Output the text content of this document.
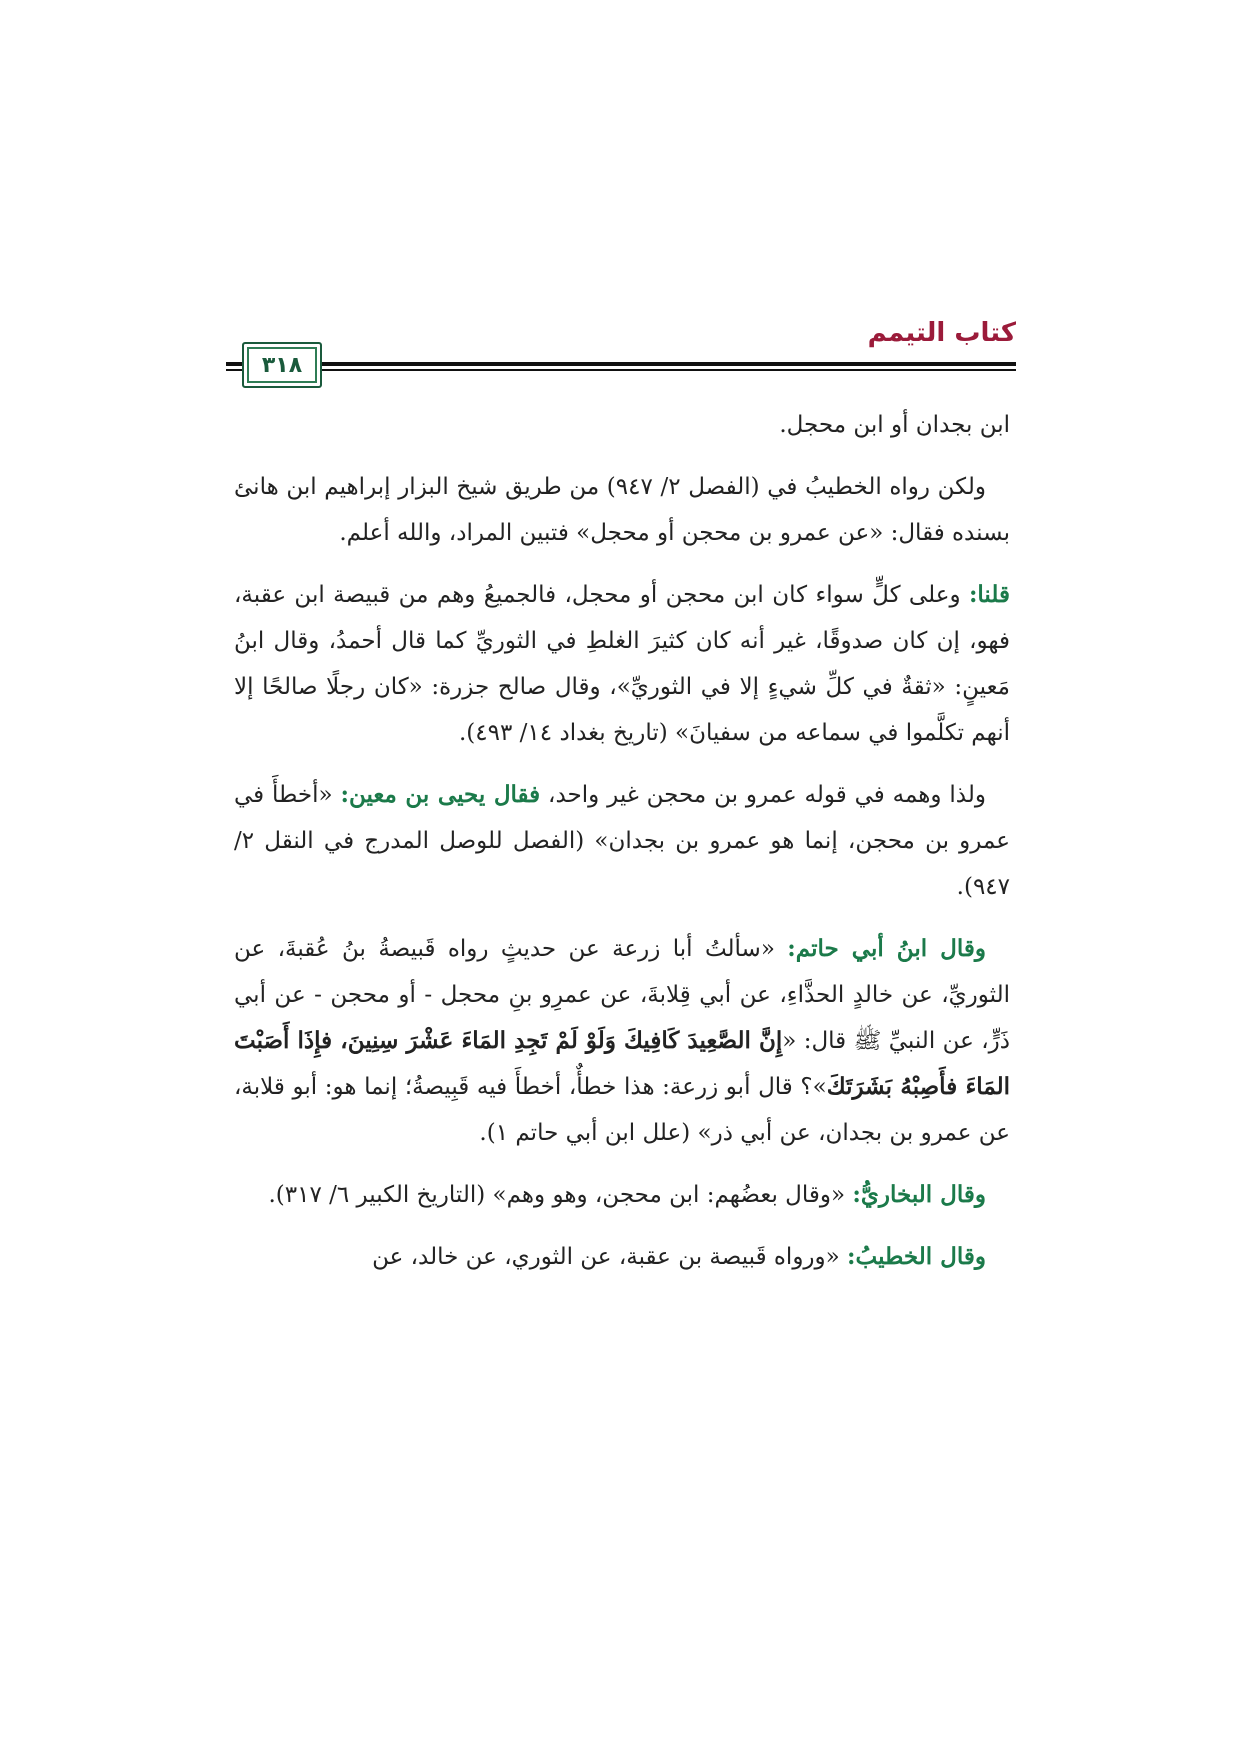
كتاب التيمم
٣١٨

ابن بجدان أو ابن محجل.

ولكن رواه الخطيبُ في (الفصل ٢/ ٩٤٧) من طريق شيخ البزار إبراهيم ابن هانئ بسنده فقال: «عن عمرو بن محجن أو محجل» فتبين المراد، والله أعلم.

قلنا: وعلى كلٍّ سواء كان ابن محجن أو محجل، فالجميعُ وهم من قبيصة ابن عقبة، فهو، إن كان صدوقًا، غير أنه كان كثيرَ الغلطِ في الثوريِّ كما قال أحمدُ، وقال ابنُ مَعينٍ: «ثقةٌ في كلِّ شيءٍ إلا في الثوريِّ»، وقال صالح جزرة: «كان رجلًا صالحًا إلا أنهم تكلَّموا في سماعه من سفيانَ» (تاريخ بغداد ١٤/ ٤٩٣).

ولذا وهمه في قوله عمرو بن محجن غير واحد، فقال يحيى بن معين: «أخطأَ في عمرو بن محجن، إنما هو عمرو بن بجدان» (الفصل للوصل المدرج في النقل ٢/ ٩٤٧).

وقال ابنُ أبي حاتم: «سألتُ أبا زرعة عن حديثٍ رواه قَبيصةُ بنُ عُقبةَ، عن الثوريِّ، عن خالدٍ الحذَّاءِ، عن أبي قِلابةَ، عن عمرِو بنِ محجل - أو محجن - عن أبي ذَرٍّ، عن النبيِّ ﷺ قال: «إِنَّ الصَّعِيدَ كَافِيكَ وَلَوْ لَمْ تَجِدِ المَاءَ عَشْرَ سِنِينَ، فإِذَا أَصَبْتَ المَاءَ فأَصِبْهُ بَشَرَتَكَ»؟ قال أبو زرعة: هذا خطأٌ، أخطأَ فيه قَبِيصةُ؛ إنما هو: أبو قلابة، عن عمرو بن بجدان، عن أبي ذر» (علل ابن أبي حاتم ١).

وقال البخاريُّ: «وقال بعضُهم: ابن محجن، وهو وهم» (التاريخ الكبير ٦/ ٣١٧).

وقال الخطيبُ: «ورواه قَبيصة بن عقبة، عن الثوري، عن خالد، عن
